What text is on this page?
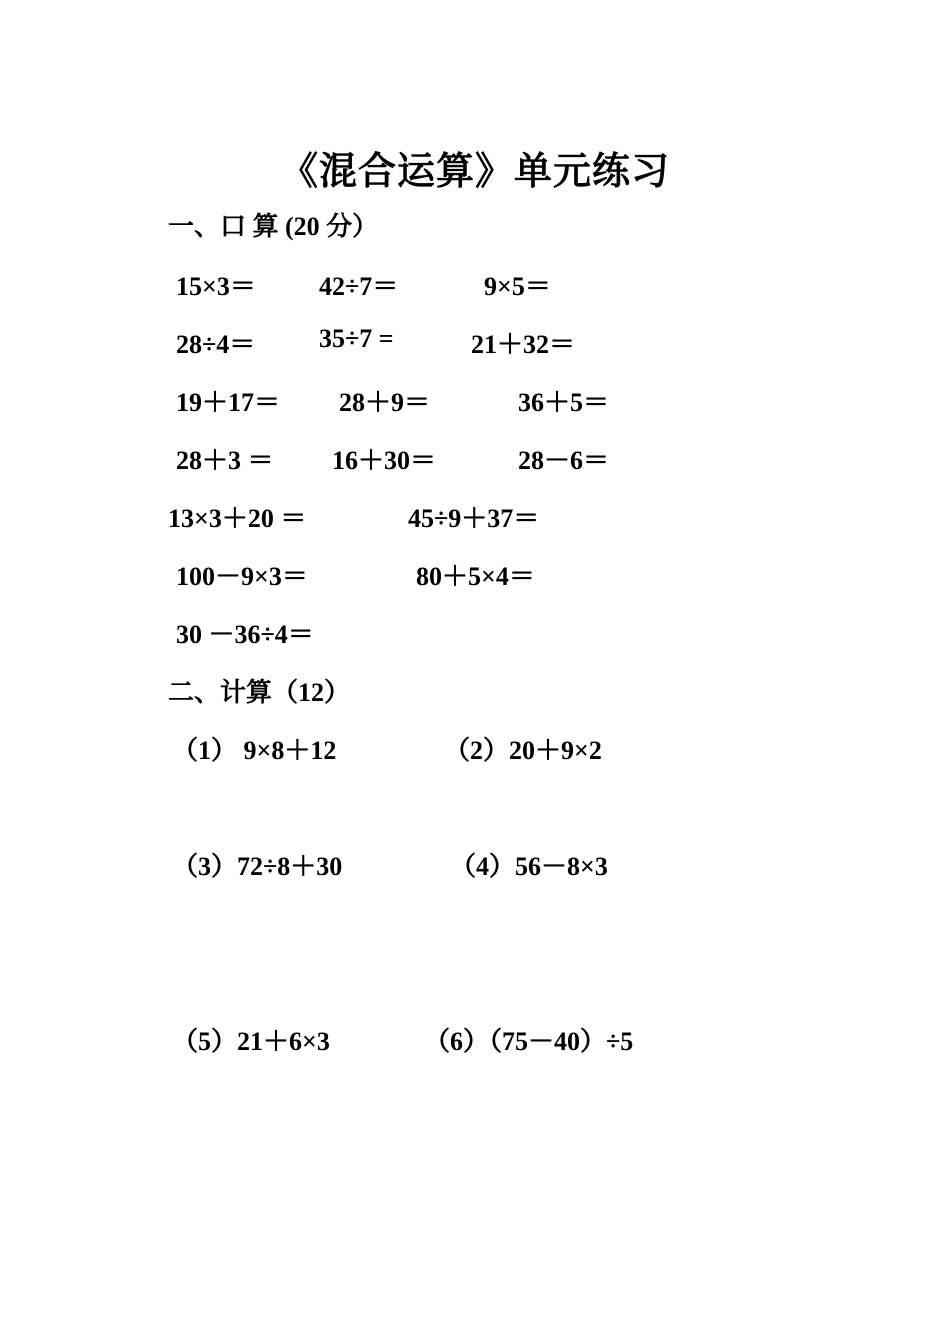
《混合运算》单元练习
一、口 算 (20 分）
15×3＝ 42÷7＝	9×5＝
28÷4＝ 35÷7 =	21＋32＝
19＋17＝ 28＋9＝	36＋5＝
28＋3 ＝ 16＋30＝	28－6＝
13×3＋20 ＝	45÷9＋37＝
100－9×3＝	80＋5×4＝
30 －36÷4＝
二、计算（12）
（1） 9×8＋12	（2）20＋9×2
（3）72÷8＋30	（4）56－8×3
（5）21＋6×3	（6）（75－40）÷5
